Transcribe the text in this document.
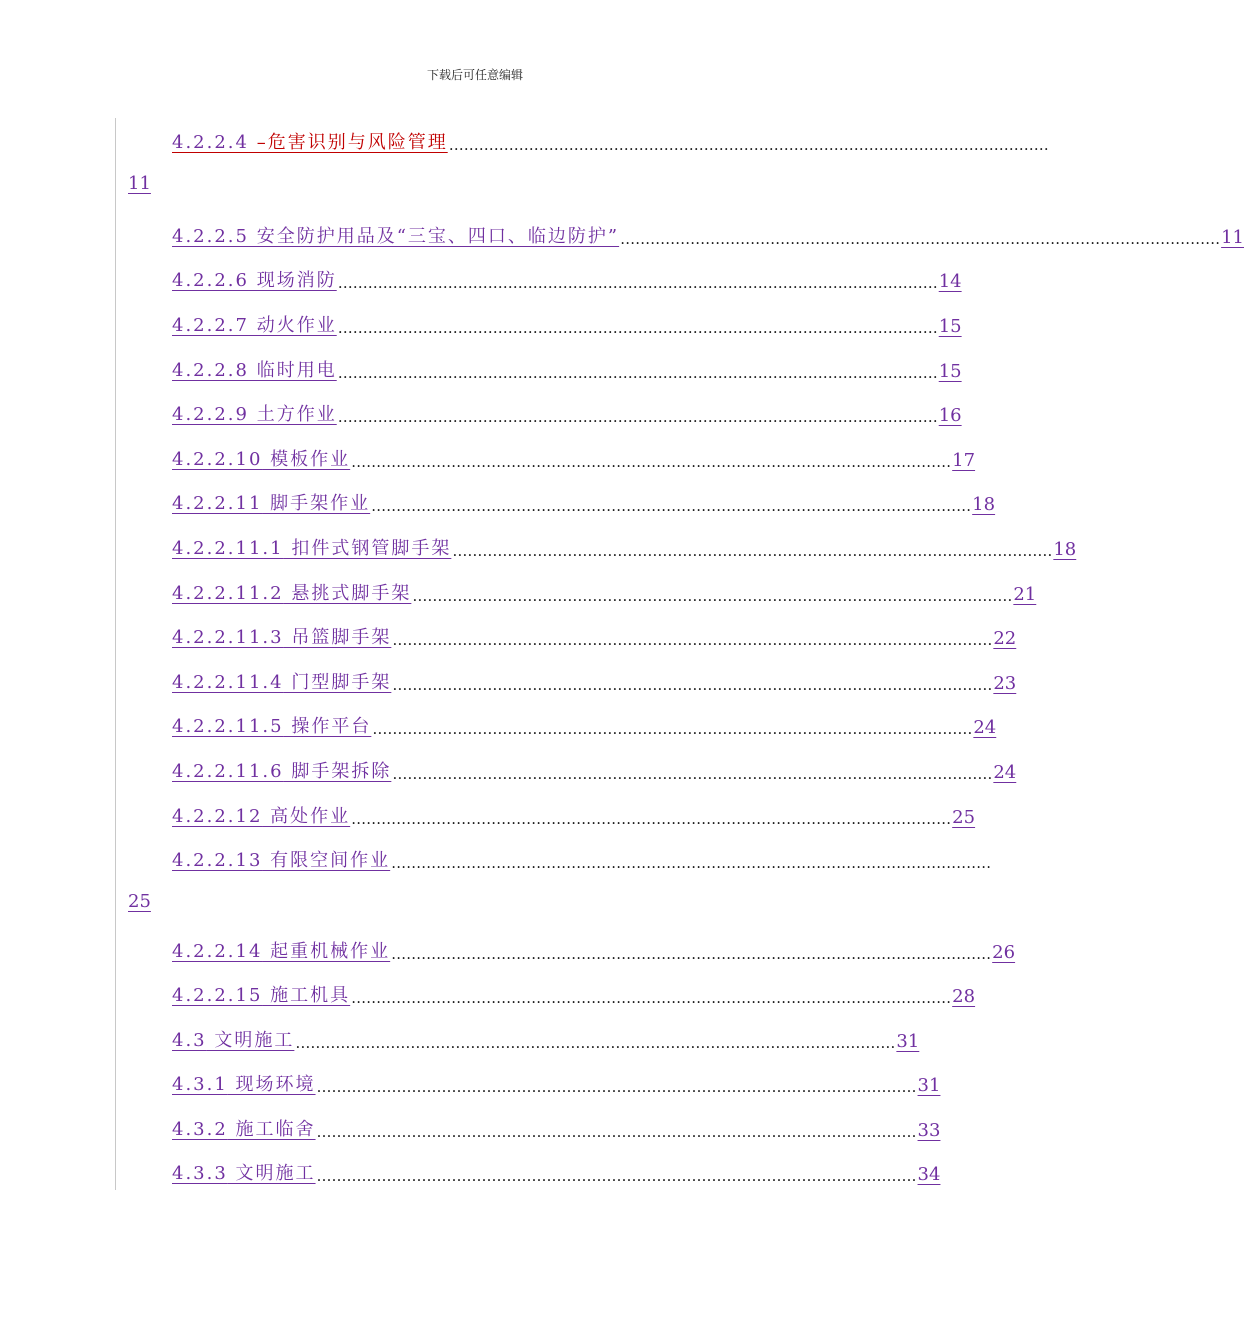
下载后可任意编辑
4.2.2.4 –危害识别与风险管理 …………………………………………………………………………………………………………
11
4.2.2.5 安全防护用品及“三宝、四口、临边防护” ………………………………………………………………………………………………………… 11
4.2.2.6 现场消防 ………………………………………………………………………………………………………… 14
4.2.2.7 动火作业 ………………………………………………………………………………………………………… 15
4.2.2.8 临时用电 ………………………………………………………………………………………………………… 15
4.2.2.9 土方作业 ………………………………………………………………………………………………………… 16
4.2.2.10 模板作业 ………………………………………………………………………………………………………… 17
4.2.2.11 脚手架作业 ………………………………………………………………………………………………………… 18
4.2.2.11.1 扣件式钢管脚手架 ………………………………………………………………………………………………………… 18
4.2.2.11.2 悬挑式脚手架 ………………………………………………………………………………………………………… 21
4.2.2.11.3 吊篮脚手架 ………………………………………………………………………………………………………… 22
4.2.2.11.4 门型脚手架 ………………………………………………………………………………………………………… 23
4.2.2.11.5 操作平台 ………………………………………………………………………………………………………… 24
4.2.2.11.6 脚手架拆除 ………………………………………………………………………………………………………… 24
4.2.2.12 高处作业 ………………………………………………………………………………………………………… 25
4.2.2.13 有限空间作业 …………………………………………………………………………………………………………
25
4.2.2.14 起重机械作业 ………………………………………………………………………………………………………… 26
4.2.2.15 施工机具 ………………………………………………………………………………………………………… 28
4.3 文明施工 ………………………………………………………………………………………………………… 31
4.3.1 现场环境 ………………………………………………………………………………………………………… 31
4.3.2 施工临舍 ………………………………………………………………………………………………………… 33
4.3.3 文明施工 ………………………………………………………………………………………………………… 34
